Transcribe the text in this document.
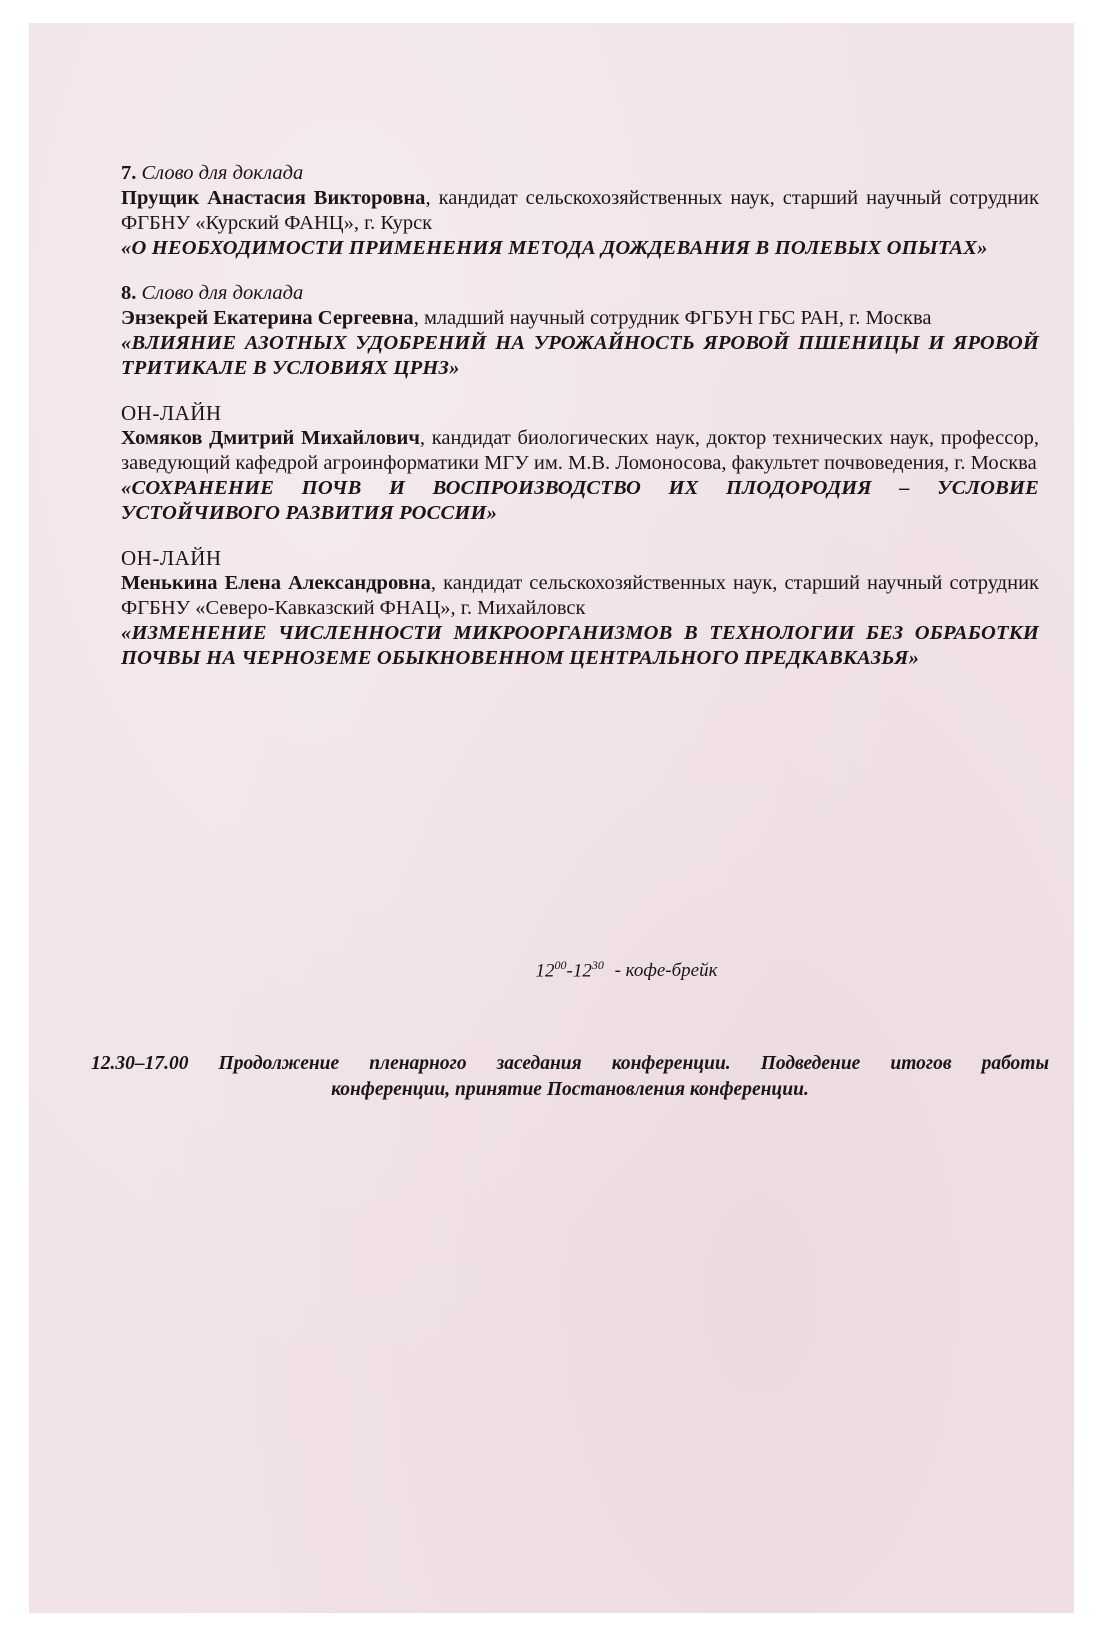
7. Слово для доклада

Прущик Анастасия Викторовна, кандидат сельскохозяйственных наук, старший научный сотрудник ФГБНУ «Курский ФАНЦ», г. Курск

«О НЕОБХОДИМОСТИ ПРИМЕНЕНИЯ МЕТОДА ДОЖДЕВАНИЯ В ПОЛЕВЫХ ОПЫТАХ»

8. Слово для доклада

Энзекрей Екатерина Сергеевна, младший научный сотрудник ФГБУН ГБС РАН, г. Москва

«ВЛИЯНИЕ АЗОТНЫХ УДОБРЕНИЙ НА УРОЖАЙНОСТЬ ЯРОВОЙ ПШЕНИЦЫ И ЯРОВОЙ ТРИТИКАЛЕ В УСЛОВИЯХ ЦРНЗ»

ОН-ЛАЙН

Хомяков Дмитрий Михайлович, кандидат биологических наук, доктор технических наук, профессор, заведующий кафедрой агроинформатики МГУ им. М.В. Ломоносова, факультет почвоведения, г. Москва

«СОХРАНЕНИЕ ПОЧВ И ВОСПРОИЗВОДСТВО ИХ ПЛОДОРОДИЯ – УСЛОВИЕ УСТОЙЧИВОГО РАЗВИТИЯ РОССИИ»

ОН-ЛАЙН

Менькина Елена Александровна, кандидат сельскохозяйственных наук, старший научный сотрудник ФГБНУ «Северо-Кавказский ФНАЦ», г. Михайловск

«ИЗМЕНЕНИЕ ЧИСЛЕННОСТИ МИКРООРГАНИЗМОВ В ТЕХНОЛОГИИ БЕЗ ОБРАБОТКИ ПОЧВЫ НА ЧЕРНОЗЕМЕ ОБЫКНОВЕННОМ ЦЕНТРАЛЬНОГО ПРЕДКАВКАЗЬЯ»

$12^{00}-12^{30}$ - кофе-брейк
12.30–17.00 Продолжение пленарного заседания конференции. Подведение итогов работы
конференции, принятие Постановления конференции.
